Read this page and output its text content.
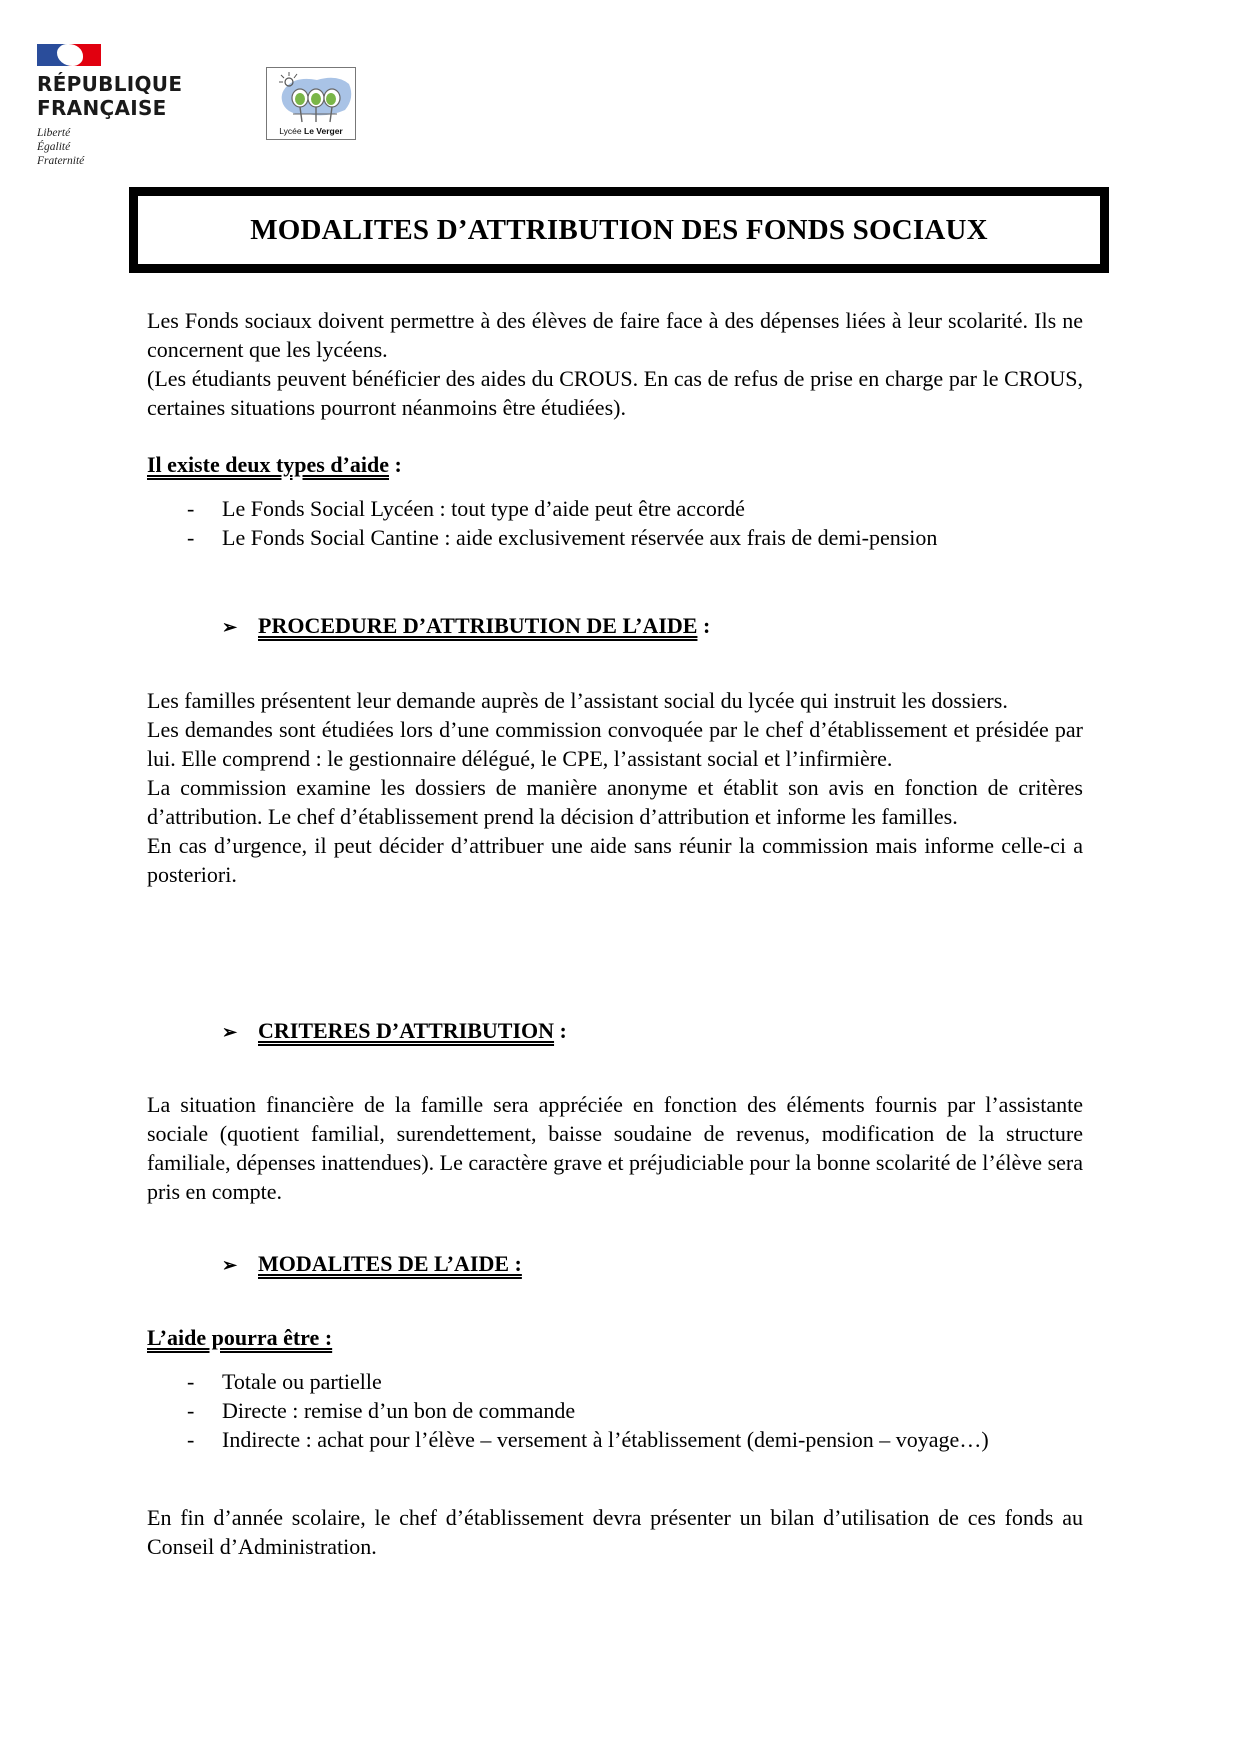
RÉPUBLIQUE
FRANÇAISE
Liberté
Égalité
Fraternité
Lycée Le Verger
MODALITES D’ATTRIBUTION DES FONDS SOCIAUX

Les Fonds sociaux doivent permettre à des élèves de faire face à des dépenses liées à leur scolarité. Ils ne concernent que les lycéens.

(Les étudiants peuvent bénéficier des aides du CROUS. En cas de refus de prise en charge par le CROUS, certaines situations pourront néanmoins être étudiées).

Il existe deux types d’aide :

- Le Fonds Social Lycéen : tout type d’aide peut être accordé
- Le Fonds Social Cantine : aide exclusivement réservée aux frais de demi-pension
➢ PROCEDURE D’ATTRIBUTION DE L’AIDE :

Les familles présentent leur demande auprès de l’assistant social du lycée qui instruit les dossiers.

Les demandes sont étudiées lors d’une commission convoquée par le chef d’établissement et présidée par lui. Elle comprend : le gestionnaire délégué, le CPE, l’assistant social et l’infirmière.

La commission examine les dossiers de manière anonyme et établit son avis en fonction de critères d’attribution. Le chef d’établissement prend la décision d’attribution et informe les familles.

En cas d’urgence, il peut décider d’attribuer une aide sans réunir la commission mais informe celle-ci a posteriori.

➢ CRITERES D’ATTRIBUTION :

La situation financière de la famille sera appréciée en fonction des éléments fournis par l’assistante sociale (quotient familial, surendettement, baisse soudaine de revenus, modification de la structure familiale, dépenses inattendues). Le caractère grave et préjudiciable pour la bonne scolarité de l’élève sera pris en compte.

➢ MODALITES DE L’AIDE :

L’aide pourra être :

- Totale ou partielle
- Directe : remise d’un bon de commande
- Indirecte : achat pour l’élève – versement à l’établissement (demi-pension – voyage…)

En fin d’année scolaire, le chef d’établissement devra présenter un bilan d’utilisation de ces fonds au Conseil d’Administration.
